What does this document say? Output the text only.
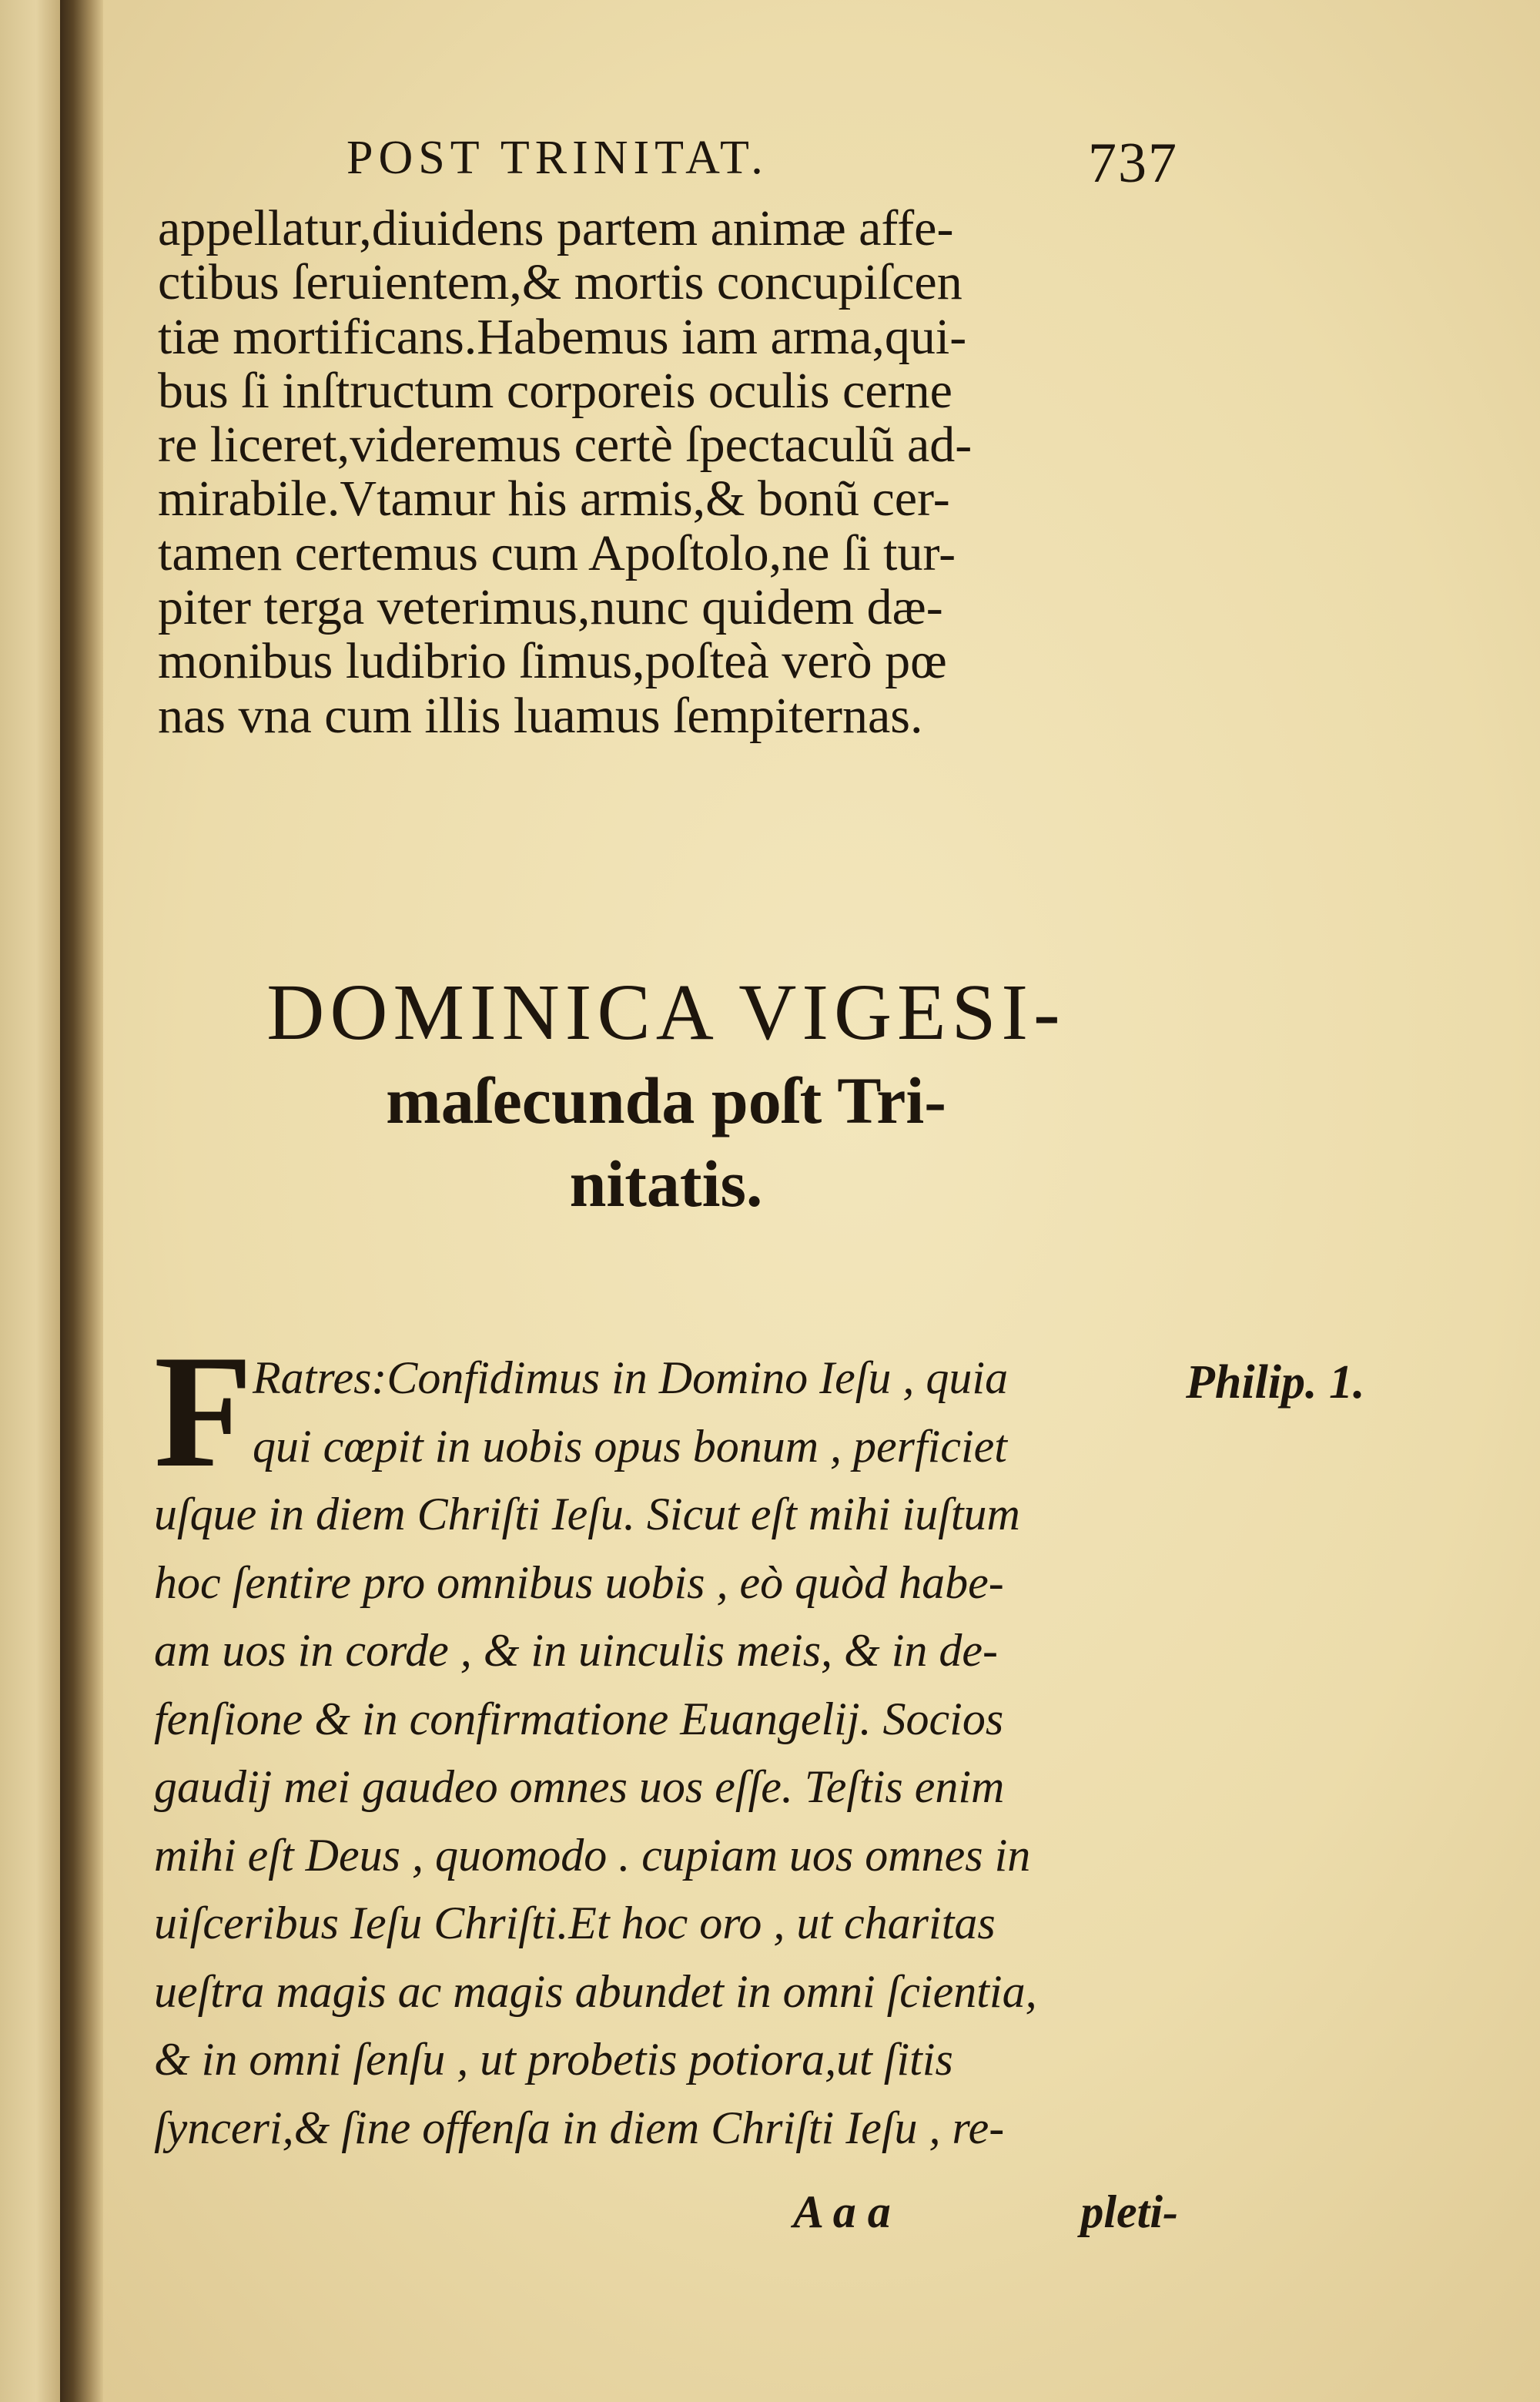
POST TRINITAT.	737
appellatur,diuidens partem animæ affe-
ctibus ſeruientem,& mortis concupiſcen
tiæ mortificans.Habemus iam arma,qui-
bus ſi inſtructum corporeis oculis cerne
re liceret,videremus certè ſpectaculũ ad-
mirabile.Vtamur his armis,& bonũ cer-
tamen certemus cum Apoſtolo,ne ſi tur-
piter terga veterimus,nunc quidem dæ-
monibus ludibrio ſimus,poſteà verò pœ
nas vna cum illis luamus ſempiternas.
DOMINICA VIGESI-
maſecunda poſt Tri-
nitatis.
F Ratres:Confidimus in Domino Ieſu , quia
qui cœpit in uobis opus bonum , perficiet
uſque in diem Chriſti Ieſu. Sicut eſt mihi iuſtum
hoc ſentire pro omnibus uobis , eò quòd habe-
am uos in corde , & in uinculis meis, & in de-
fenſione & in confirmatione Euangelij. Socios
gaudij mei gaudeo omnes uos eſſe. Teſtis enim
mihi eſt Deus , quomodo . cupiam uos omnes in
uiſceribus Ieſu Chriſti.Et hoc oro , ut charitas
ueſtra magis ac magis abundet in omni ſcientia,
& in omni ſenſu , ut probetis potiora,ut ſitis
ſynceri,& ſine offenſa in diem Chriſti Ieſu , re-
Philip. 1.
A a a	pleti-
